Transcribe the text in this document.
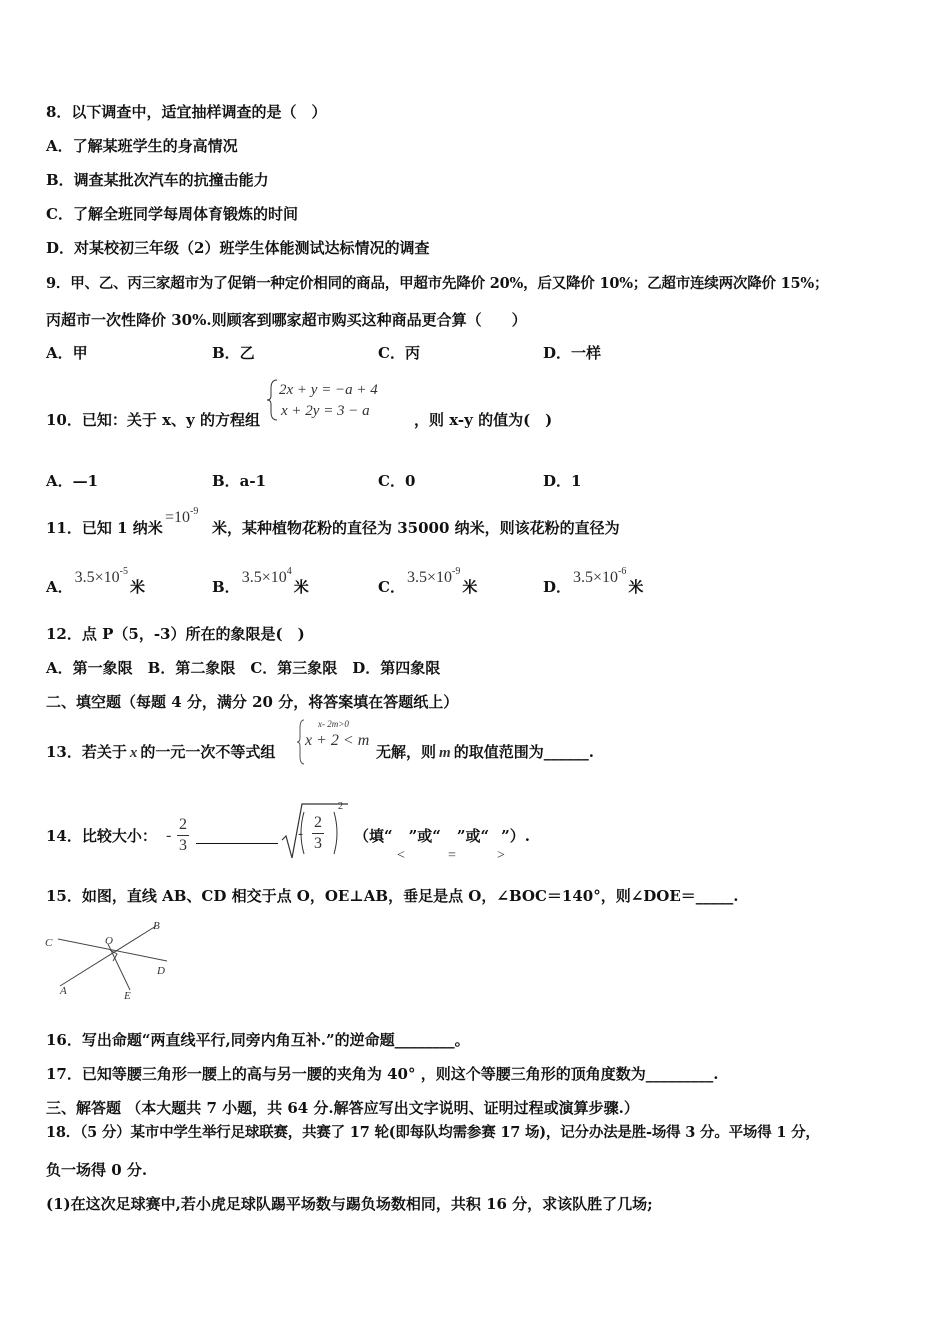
8．以下调查中，适宜抽样调查的是（　）
A．了解某班学生的身高情况
B．调查某批次汽车的抗撞击能力
C．了解全班同学每周体育锻炼的时间
D．对某校初三年级（2）班学生体能测试达标情况的调查
9．甲、乙、丙三家超市为了促销一种定价相同的商品，甲超市先降价 20%，后又降价 10%；乙超市连续两次降价 15%；
丙超市一次性降价 30%.则顾客到哪家超市购买这种商品更合算（　　）
A．甲	B．乙	C．丙	D．一样
10．已知：关于 x、y 的方程组
2x + y = −a + 4
x + 2y = 3 − a	，则 x-y 的值为(　)
A．—1	B．a-1	C．0	D．1
11．已知 1 纳米
$=10^{-9}$
米，某种植物花粉的直径为 35000 纳米，则该花粉的直径为
A．$3.5\times 10^{-5}$米	B．$3.5\times 10^4$米	C．$3.5\times 10^{-9}$米	D．$3.5\times 10^{-6}$米
12．点 P（5，-3）所在的象限是(　)
A．第一象限　B．第二象限　C．第三象限　D．第四象限
二、填空题（每题 4 分，满分 20 分，将答案填在答题纸上）
13．若关于 x 的一元一次不等式组
x- 2m>0
x + 2 < m
无解，则 m 的取值范围为______.
14．比较大小： - $\frac{2}{3}$	- $\frac{2}{3}$
2
（填“ ”或“ ”或“ ”）.
<	=	>
15．如图，直线 AB、CD 相交于点 O，OE⊥AB，垂足是点 O，∠BOC＝140°，则∠DOE＝_____.
C	O
B
D
A	E
16．写出命题“两直线平行,同旁内角互补.”的逆命题________。
17．已知等腰三角形一腰上的高与另一腰的夹角为 40° ，则这个等腰三角形的顶角度数为_________.
三、解答题 （本大题共 7 小题，共 64 分.解答应写出文字说明、证明过程或演算步骤.）
18．（5 分）某市中学生举行足球联赛，共赛了 17 轮(即每队均需参赛 17 场)，记分办法是胜-场得 3 分。平场得 1 分，
负一场得 0 分.
(1)在这次足球赛中,若小虎足球队踢平场数与踢负场数相同，共积 16 分，求该队胜了几场;
